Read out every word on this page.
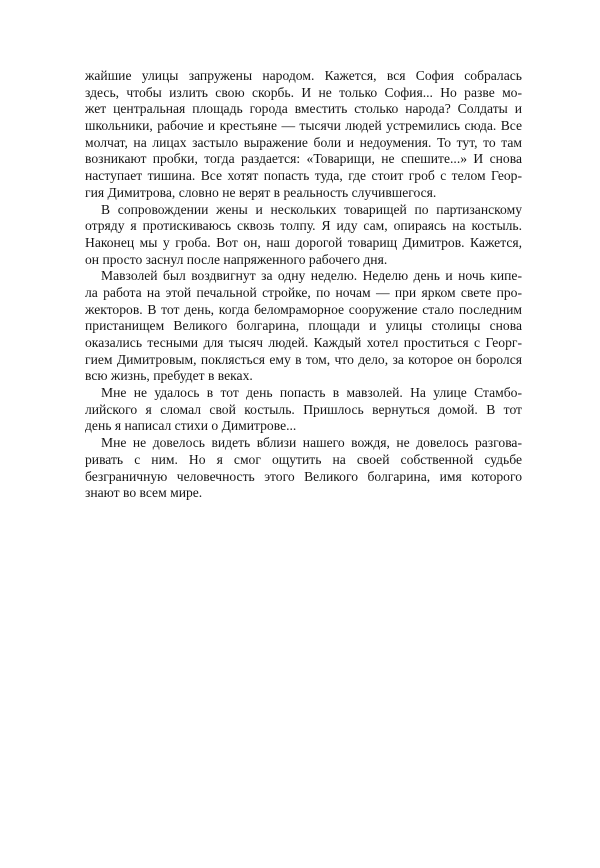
жайшие улицы запружены народом. Кажется, вся София собралась
здесь, чтобы излить свою скорбь. И не только София... Но разве мо-
жет центральная площадь города вместить столько народа? Солдаты и
школьники, рабочие и крестьяне — тысячи людей устремились сюда. Все
молчат, на лицах застыло выражение боли и недоумения. То тут, то там
возникают пробки, тогда раздается: «Товарищи, не спешите...» И снова
наступает тишина. Все хотят попасть туда, где стоит гроб с телом Геор-
гия Димитрова, словно не верят в реальность случившегося.
В сопровождении жены и нескольких товарищей по партизанскому
отряду я протискиваюсь сквозь толпу. Я иду сам, опираясь на костыль.
Наконец мы у гроба. Вот он, наш дорогой товарищ Димитров. Кажется,
он просто заснул после напряженного рабочего дня.
Мавзолей был воздвигнут за одну неделю. Неделю день и ночь кипе-
ла работа на этой печальной стройке, по ночам — при ярком свете про-
жекторов. В тот день, когда беломраморное сооружение стало последним
пристанищем Великого болгарина, площади и улицы столицы снова
оказались тесными для тысяч людей. Каждый хотел проститься с Георг-
гием Димитровым, поклясться ему в том, что дело, за которое он боролся
всю жизнь, пребудет в веках.
Мне не удалось в тот день попасть в мавзолей. На улице Стамбо-
лийского я сломал свой костыль. Пришлось вернуться домой. В тот
день я написал стихи о Димитрове...
Мне не довелось видеть вблизи нашего вождя, не довелось разгова-
ривать с ним. Но я смог ощутить на своей собственной судьбе
безграничную человечность этого Великого болгарина, имя которого
знают во всем мире.
